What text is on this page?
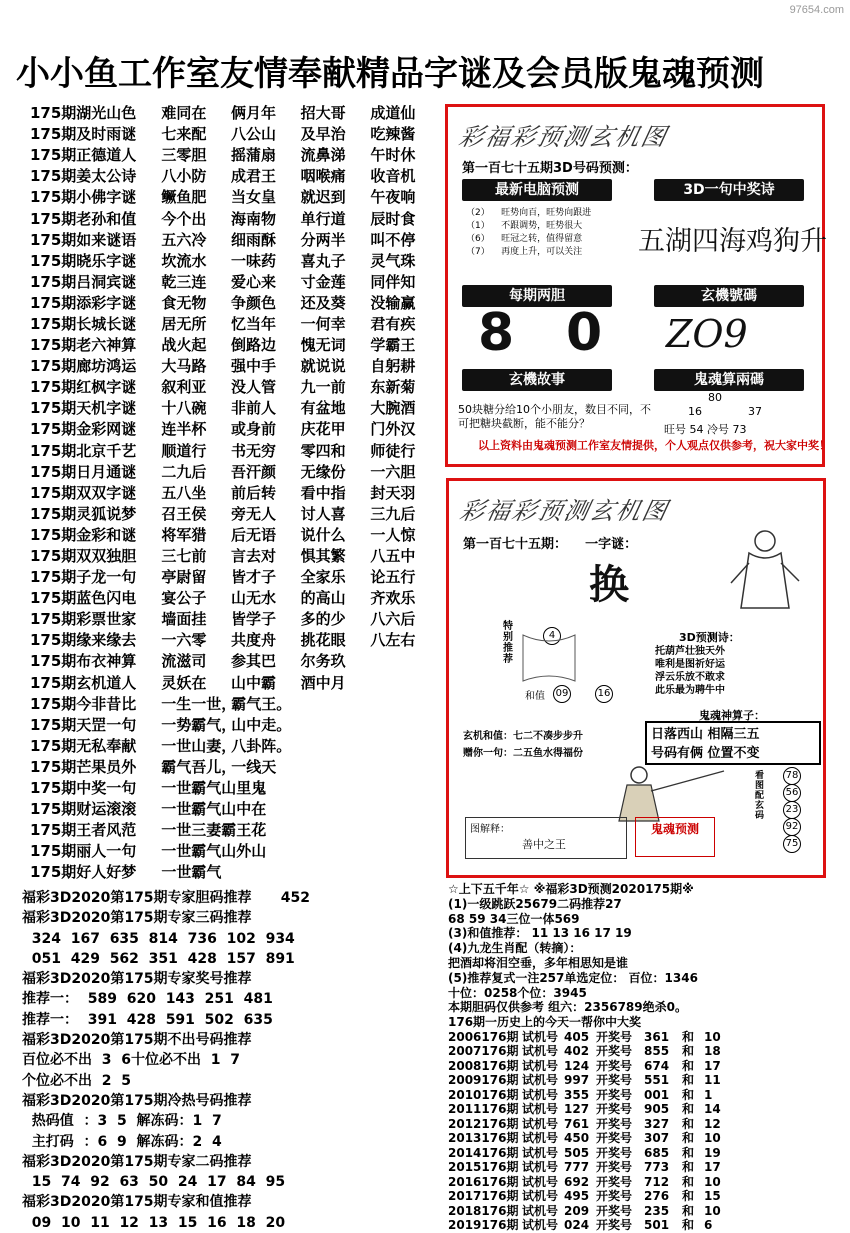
97654.com
小小鱼工作室友情奉献精品字谜及会员版鬼魂预测
175期湖光山色	难同在	俩月年	招大哥	成道仙
175期及时雨谜	七来配	八公山	及早治	吃辣酱
175期正德道人	三零胆	摇蒲扇	流鼻涕	午时休
175期姜太公诗	八小防	成君王	咽喉痛	收音机
175期小佛字谜	鳜鱼肥	当女皇	就迟到	午夜响
175期老孙和值	今个出	海南物	单行道	辰时食
175期如来谜语	五六冷	细雨酥	分两半	叫不停
175期晓乐字谜	坎流水	一味药	喜丸子	灵气珠
175期吕洞宾谜	乾三连	爱心来	寸金莲	同伴知
175期添彩字谜	食无物	争颜色	还及葵	没输赢
175期长城长谜	居无所	忆当年	一何幸	君有疾
175期老六神算	战火起	倒路边	愧无词	学霸王
175期廊坊鸿运	大马路	强中手	就说说	自躬耕
175期红枫字谜	叙利亚	没人管	九一前	东新菊
175期天机字谜	十八碗	非前人	有盆地	大腕酒
175期金彩网谜	连半杯	或身前	庆花甲	门外汉
175期北京千艺	顺道行	书无穷	零四和	师徒行
175期日月通谜	二九后	吾汗颜	无缘份	一六胆
175期双双字谜	五八坐	前后转	看中指	封天羽
175期灵狐说梦	召王侯	旁无人	讨人喜	三九后
175期金彩和谜	将军猎	后无语	说什么	一人惊
175期双双独胆	三七前	言去对	惧其繁	八五中
175期子龙一句	亭尉留	皆才子	全家乐	论五行
175期蓝色闪电	宴公子	山无水	的高山	齐欢乐
175期彩票世家	墙面挂	皆学子	多的少	八六后
175期缘来缘去	一六零	共度舟	挑花眼	八左右
175期布衣神算	流滋司	参其巴	尔务玖
175期玄机道人	灵妖在	山中霸	酒中月
175期今非昔比	一生一世，
霸气王。
175期天罡一句	一势霸气，
山中走。
175期无私奉献	一世山妻，
八卦阵。
175期芒果员外	霸气吾儿，
一线天
175期中奖一句	一世霸气山里鬼
175期财运滚滚	一世霸气山中在
175期王者风范	一世三妻霸王花
175期丽人一句	一世霸气山外山
175期好人好梦	一世霸气
福彩3D2020第175期专家胆码推荐      452
福彩3D2020第175期专家三码推荐
324  167  635  814  736  102  934
051  429  562  351  428  157  891
福彩3D2020第175期专家奖号推荐
推荐一：  589  620  143  251  481
推荐一：  391  428  591  502  635
福彩3D2020第175期不出号码推荐
百位必不出  3  6十位必不出  1  7
个位必不出  2  5
福彩3D2020第175期冷热号码推荐
热码值  ：3  5  解冻码：1  7
主打码  ：6  9  解冻码：2  4
福彩3D2020第175期专家二码推荐
15  74  92  63  50  24  17  84  95
福彩3D2020第175期专家和值推荐
09  10  11  12  13  15  16  18  20
彩福彩预测玄机图
第一百七十五期3D号码预测：
最新电脑预测	3D一句中奖诗
（2）    旺势向百，旺势向跟进
（1）    不跟调势，旺势很大
（6）    旺冠之转，值得留意
（7）    再度上升，可以关注	五湖四海鸡狗升
每期两胆	玄機號碼
8 0 ZO9
玄機故事	鬼魂算兩碼
80
50块糖分给10个小朋友，数目不同，不可把糖块截断，能不能分？
16	37
旺号 54 冷号 73
以上资料由鬼魂预测工作室友情提供，个人观点仅供参考，祝大家中奖！
彩福彩预测玄机图
第一百七十五期：    一字谜：
换
特别推荐
4
和值 09	16
3D预测诗：
托葫芦壮独天外
唯利是图祈好运
浮云乐放不敢求
此乐最为聘牛中
鬼魂神算子：
日落西山 相隔三五
号码有俩 位置不变
玄机和值：七二不凑步步升
赠你一句：二五鱼水得福份
看图配玄码
78
56
23
92
75
图解释：
善中之王
鬼魂预测
☆上下五千年☆ ※福彩3D预测2020175期※
(1)一级跳跃25679二码推荐27
68 59 34三位一体569
(3)和值推荐： 11 13 16 17 19
(4)九龙生肖配（转摘）：
把酒却将泪空垂，多年相思知是谁
(5)推荐复式一注257单选定位： 百位：1346
十位：0258个位：3945
本期胆码仅供参考 组六：2356789绝杀0。
176期一历史上的今天一帮你中大奖
2006176期 试机号 405 开奖号 361	和 10
2007176期 试机号 402 开奖号 855	和 18
2008176期 试机号 124 开奖号 674	和 17
2009176期 试机号 997 开奖号 551	和 11
2010176期 试机号 355 开奖号 001	和 1
2011176期 试机号 127 开奖号 905	和 14
2012176期 试机号 761 开奖号 327	和 12
2013176期 试机号 450 开奖号 307	和 10
2014176期 试机号 505 开奖号 685	和 19
2015176期 试机号 777 开奖号 773	和 17
2016176期 试机号 692 开奖号 712	和 10
2017176期 试机号 495 开奖号 276	和 15
2018176期 试机号 209 开奖号 235	和 10
2019176期 试机号 024 开奖号 501	和 6
